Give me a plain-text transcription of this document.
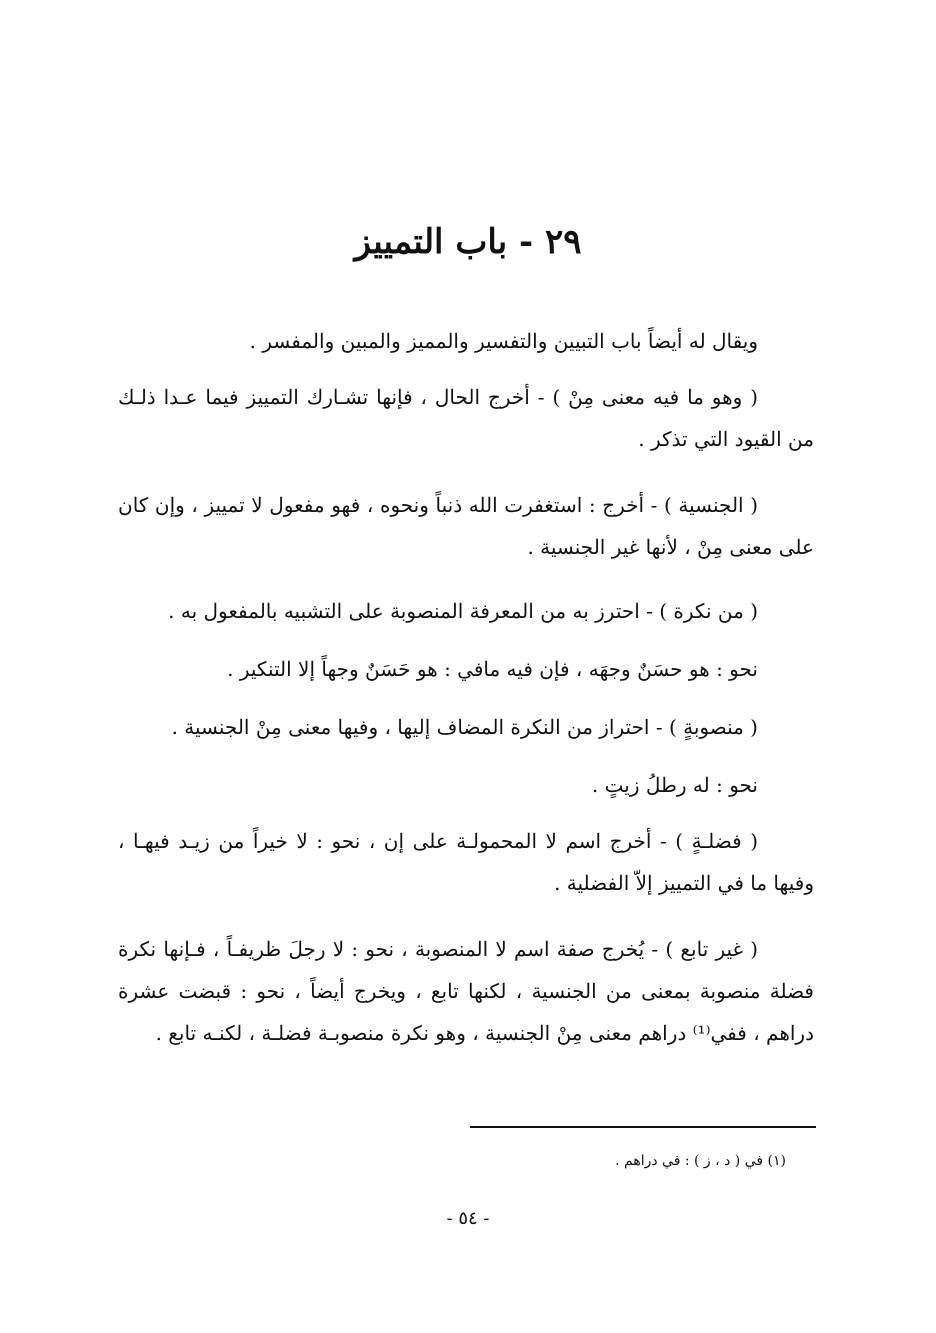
٢٩ - باب التمييز

ويقال له أيضاً باب التبيين والتفسير والمميز والمبين والمفسر .

( وهو ما فيه معنى مِنْ ) - أخرج الحال ، فإنها تشـارك التمييز فيما عـدا ذلـك من القيود التي تذكر .

( الجنسية ) - أخرج : استغفرت الله ذنباً ونحوه ، فهو مفعول لا تمييز ، وإن كان على معنى مِنْ ، لأنها غير الجنسية .

( من نكرة ) - احترز به من المعرفة المنصوبة على التشبيه بالمفعول به .

نحو : هو حسَنٌ وجهَه ، فإن فيه مافي : هو حَسَنٌ وجهاً إلا التنكير .

( منصوبةٍ ) - احتراز من النكرة المضاف إليها ، وفيها معنى مِنْ الجنسية .

نحو : له رطلُ زيتٍ .

( فضلـةٍ ) - أخرج اسم لا المحمولـة على إن ، نحو : لا خيراً من زيـد فيهـا ، وفيها ما في التمييز إلاّ الفضلية .

( غير تابع ) - يُخرج صفة اسم لا المنصوبة ، نحو : لا رجلَ ظريفـاً ، فـإنها نكرة فضلة منصوبة بمعنى من الجنسية ، لكنها تابع ، ويخرج أيضاً ، نحو : قبضت عشرة دراهم ، ففي⁽¹⁾ دراهم معنى مِنْ الجنسية ، وهو نكرة منصوبـة فضلـة ، لكنـه تابع .

(١) في ( د ، ز ) : في دراهم .
- ٥٤ -
